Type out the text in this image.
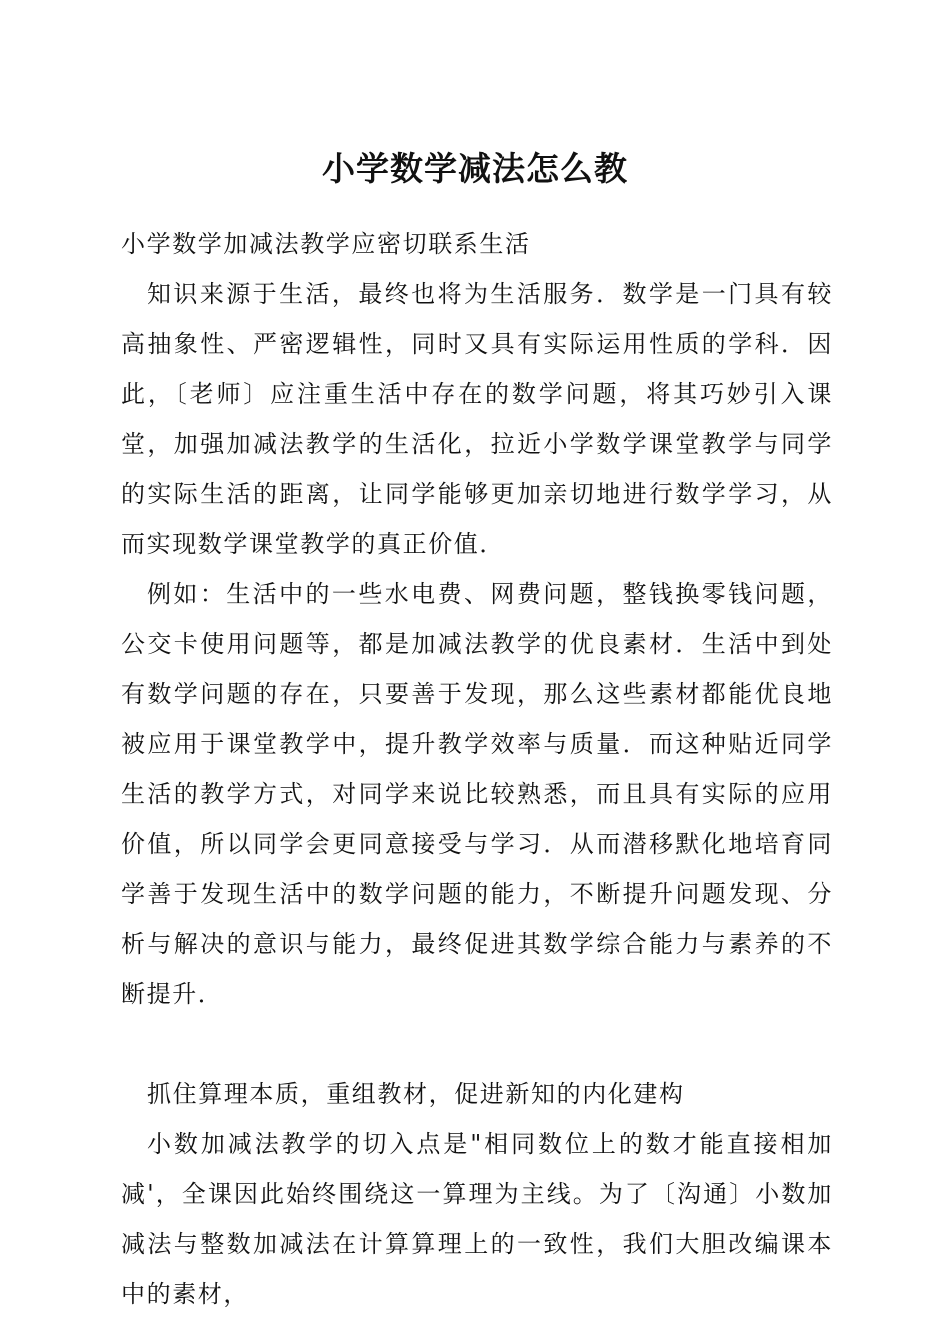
小学数学减法怎么教

小学数学加减法教学应密切联系生活

知识来源于生活，最终也将为生活服务．数学是一门具有较高抽象性、严密逻辑性，同时又具有实际运用性质的学科．因此，〔老师〕应注重生活中存在的数学问题，将其巧妙引入课堂，加强加减法教学的生活化，拉近小学数学课堂教学与同学的实际生活的距离，让同学能够更加亲切地进行数学学习，从而实现数学课堂教学的真正价值．

例如：生活中的一些水电费、网费问题，整钱换零钱问题，公交卡使用问题等，都是加减法教学的优良素材．生活中到处有数学问题的存在，只要善于发现，那么这些素材都能优良地被应用于课堂教学中，提升教学效率与质量．而这种贴近同学生活的教学方式，对同学来说比较熟悉，而且具有实际的应用价值，所以同学会更同意接受与学习．从而潜移默化地培育同学善于发现生活中的数学问题的能力，不断提升问题发现、分析与解决的意识与能力，最终促进其数学综合能力与素养的不断提升．

抓住算理本质，重组教材，促进新知的内化建构

小数加减法教学的切入点是"相同数位上的数才能直接相加减'，全课因此始终围绕这一算理为主线。为了〔沟通〕小数加减法与整数加减法在计算算理上的一致性，我们大胆改编课本中的素材，
